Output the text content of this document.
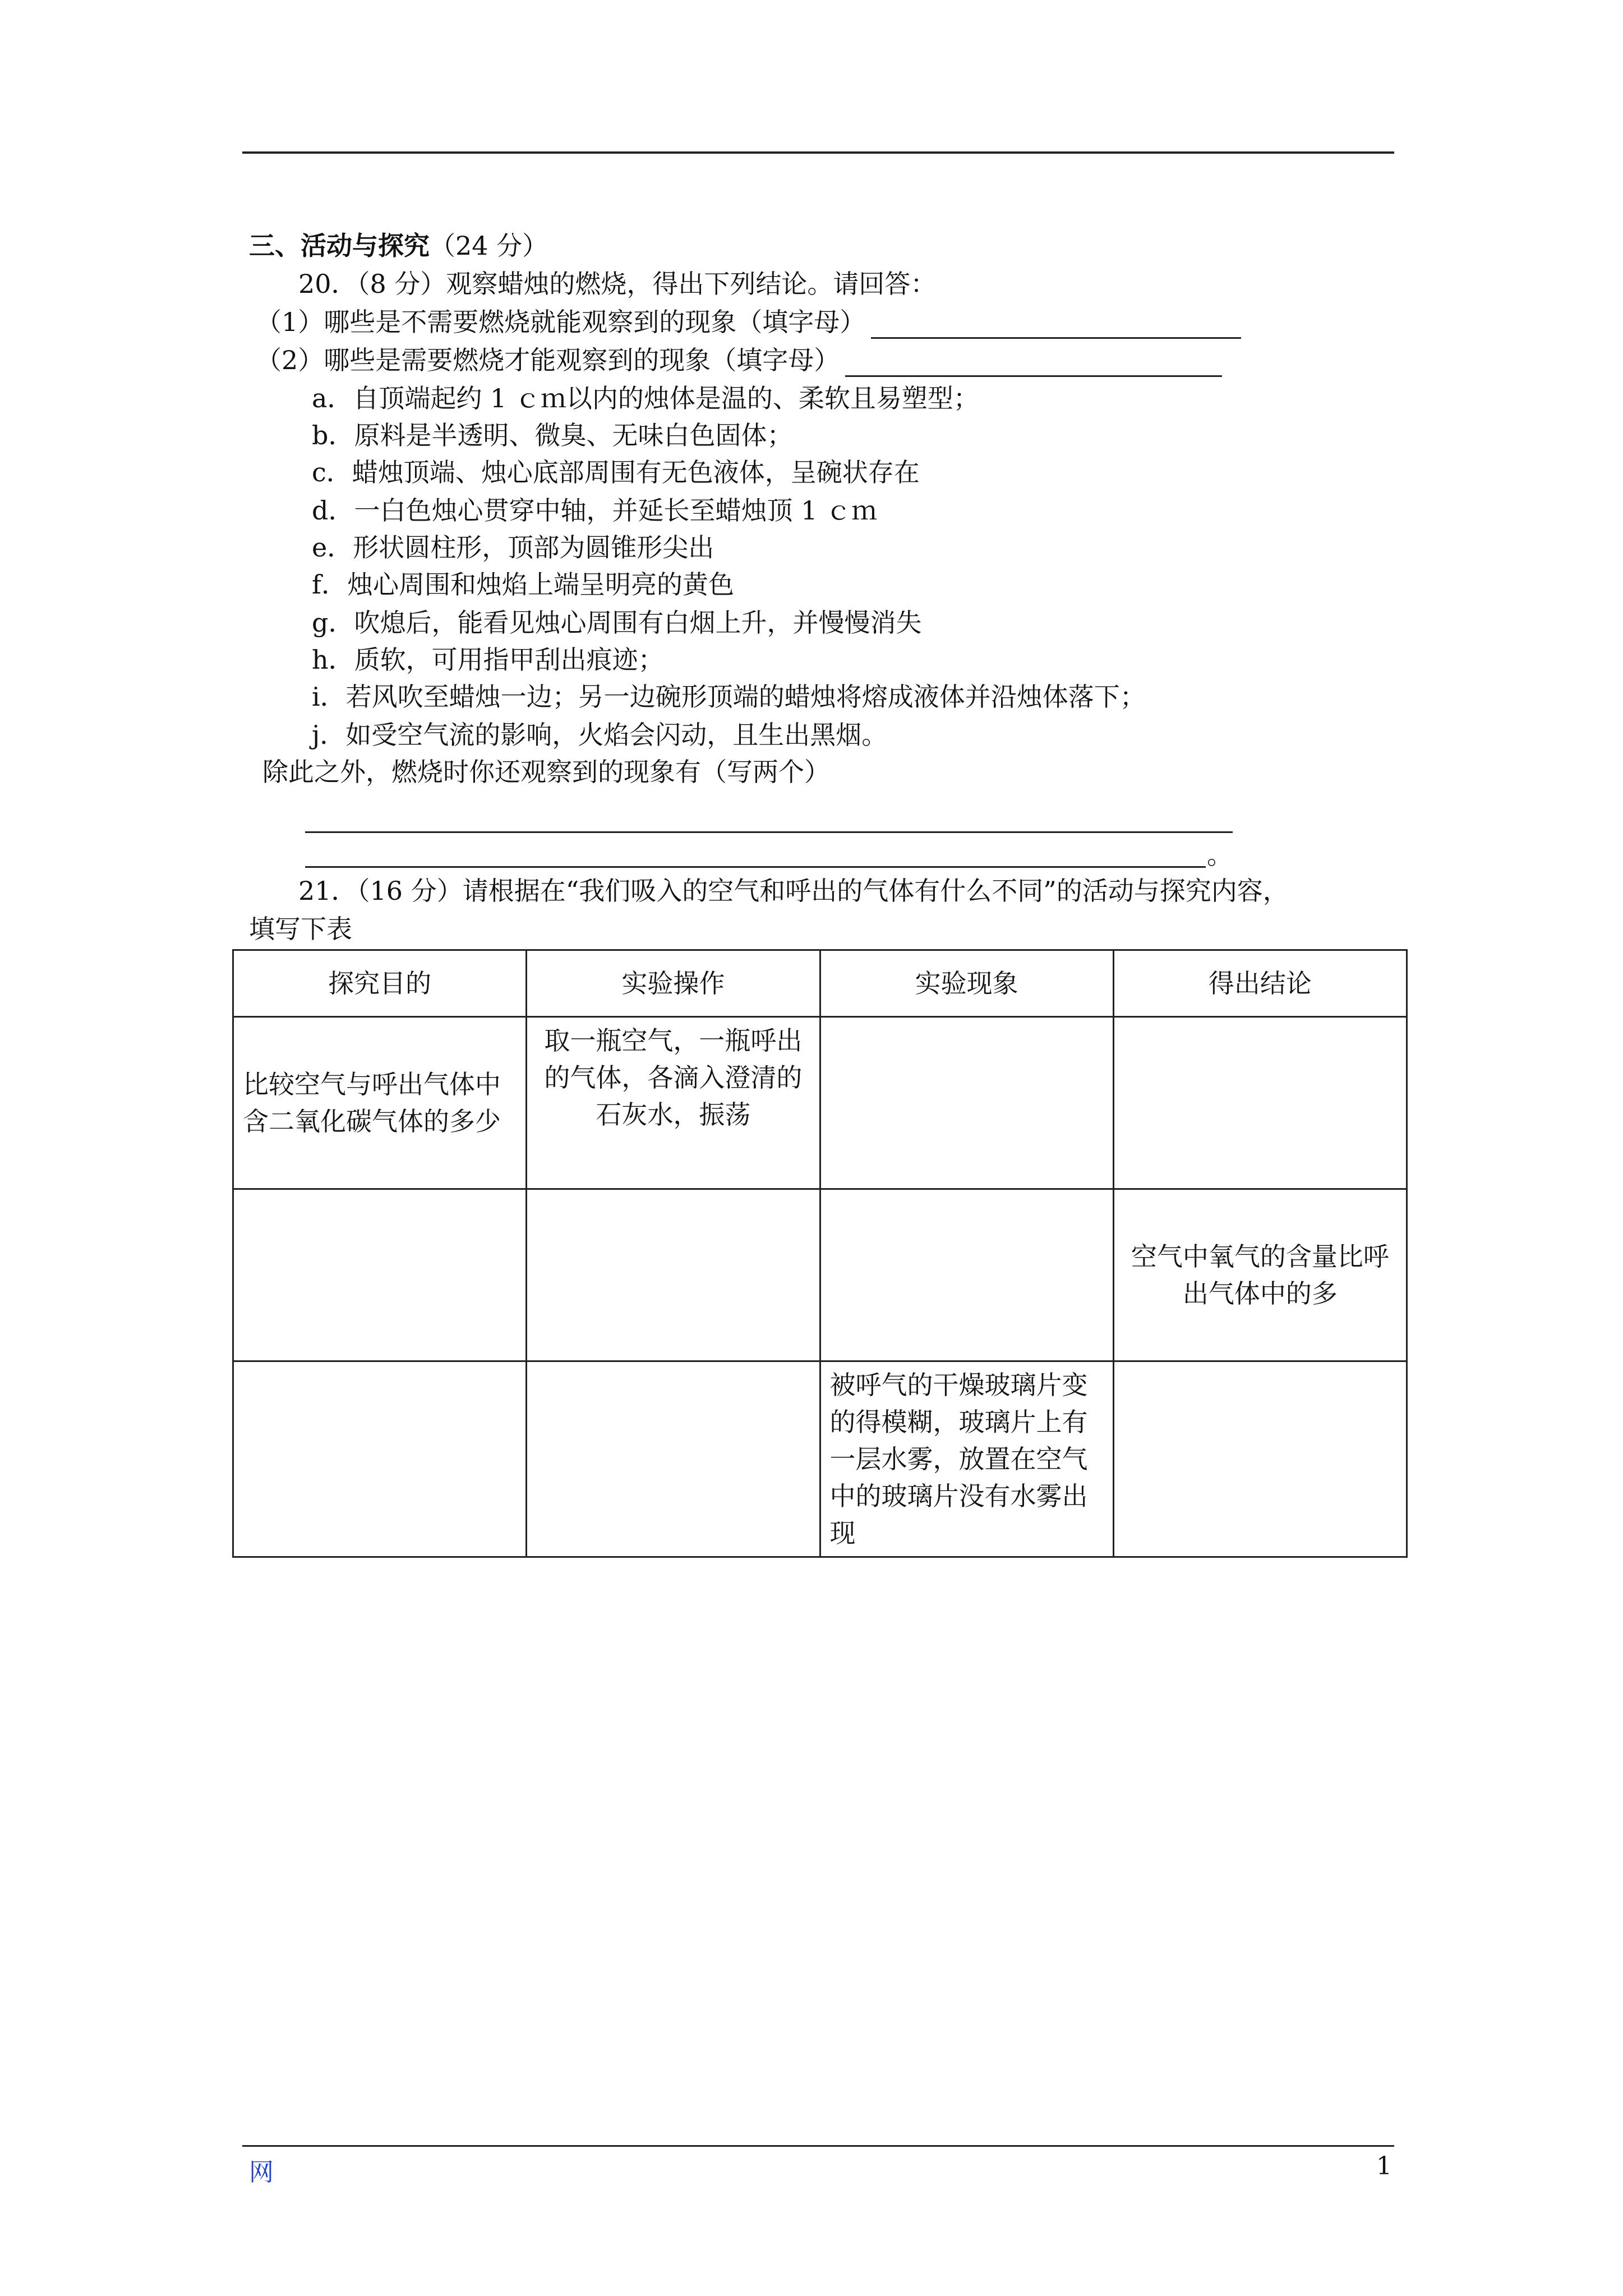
三、活动与探究（24 分）
20．（8 分）观察蜡烛的燃烧，得出下列结论。请回答：
（1）哪些是不需要燃烧就能观察到的现象（填字母）
（2）哪些是需要燃烧才能观察到的现象（填字母）
a．自顶端起约 1 ｃｍ以内的烛体是温的、柔软且易塑型；
b．原料是半透明、微臭、无味白色固体；
c．蜡烛顶端、烛心底部周围有无色液体，呈碗状存在
d．一白色烛心贯穿中轴，并延长至蜡烛顶 1 ｃｍ
e．形状圆柱形，顶部为圆锥形尖出
f．烛心周围和烛焰上端呈明亮的黄色
g．吹熄后，能看见烛心周围有白烟上升，并慢慢消失
h．质软，可用指甲刮出痕迹；
i．若风吹至蜡烛一边；另一边碗形顶端的蜡烛将熔成液体并沿烛体落下；
j．如受空气流的影响，火焰会闪动，且生出黑烟。
除此之外，燃烧时你还观察到的现象有（写两个）
。
21．（16 分）请根据在“我们吸入的空气和呼出的气体有什么不同”的活动与探究内容，
填写下表
探究目的	实验操作	实验现象	得出结论
比较空气与呼出气体中含二氧化碳气体的多少	取一瓶空气，一瓶呼出的气体，各滴入澄清的石灰水，振荡		
			空气中氧气的含量比呼出气体中的多
		被呼气的干燥玻璃片变的得模糊，玻璃片上有一层水雾，放置在空气中的玻璃片没有水雾出现	
网	1
